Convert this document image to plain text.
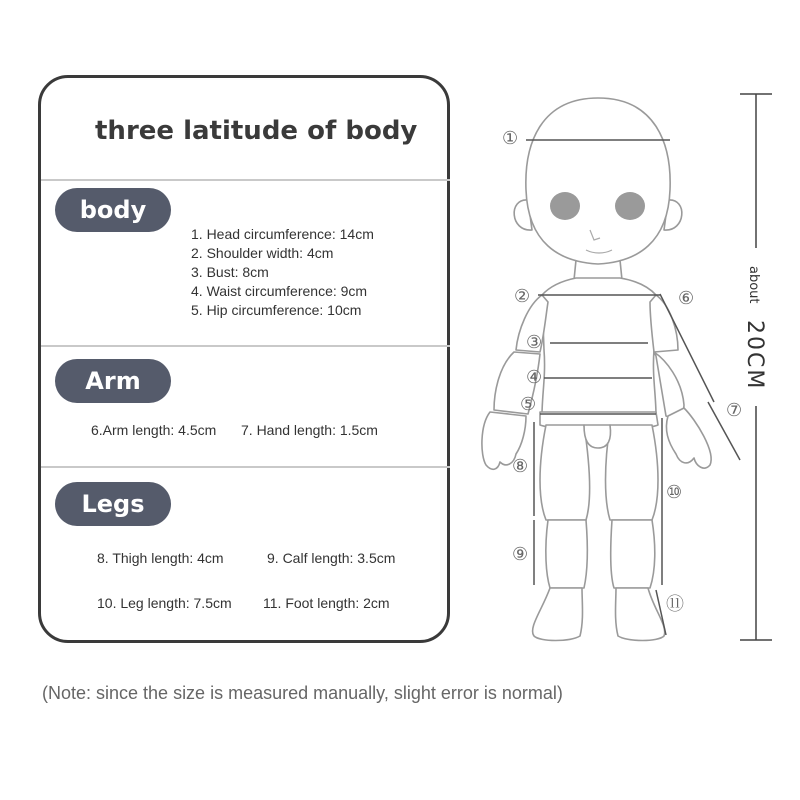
three latitude of body
body
1. Head circumference: 14cm
2. Shoulder width: 4cm
3. Bust: 8cm
4. Waist circumference: 9cm
5. Hip circumference: 10cm
Arm
6.Arm length: 4.5cm 7. Hand length: 1.5cm
Legs
8. Thigh length: 4cm	9. Calf length: 3.5cm
10. Leg length: 7.5cm 11. Foot length: 2cm
①
②
③
④
⑤
⑥
⑦
⑧
⑨
⑩
⑪
about
20CM
(Note: since the size is measured manually, slight error is normal)
